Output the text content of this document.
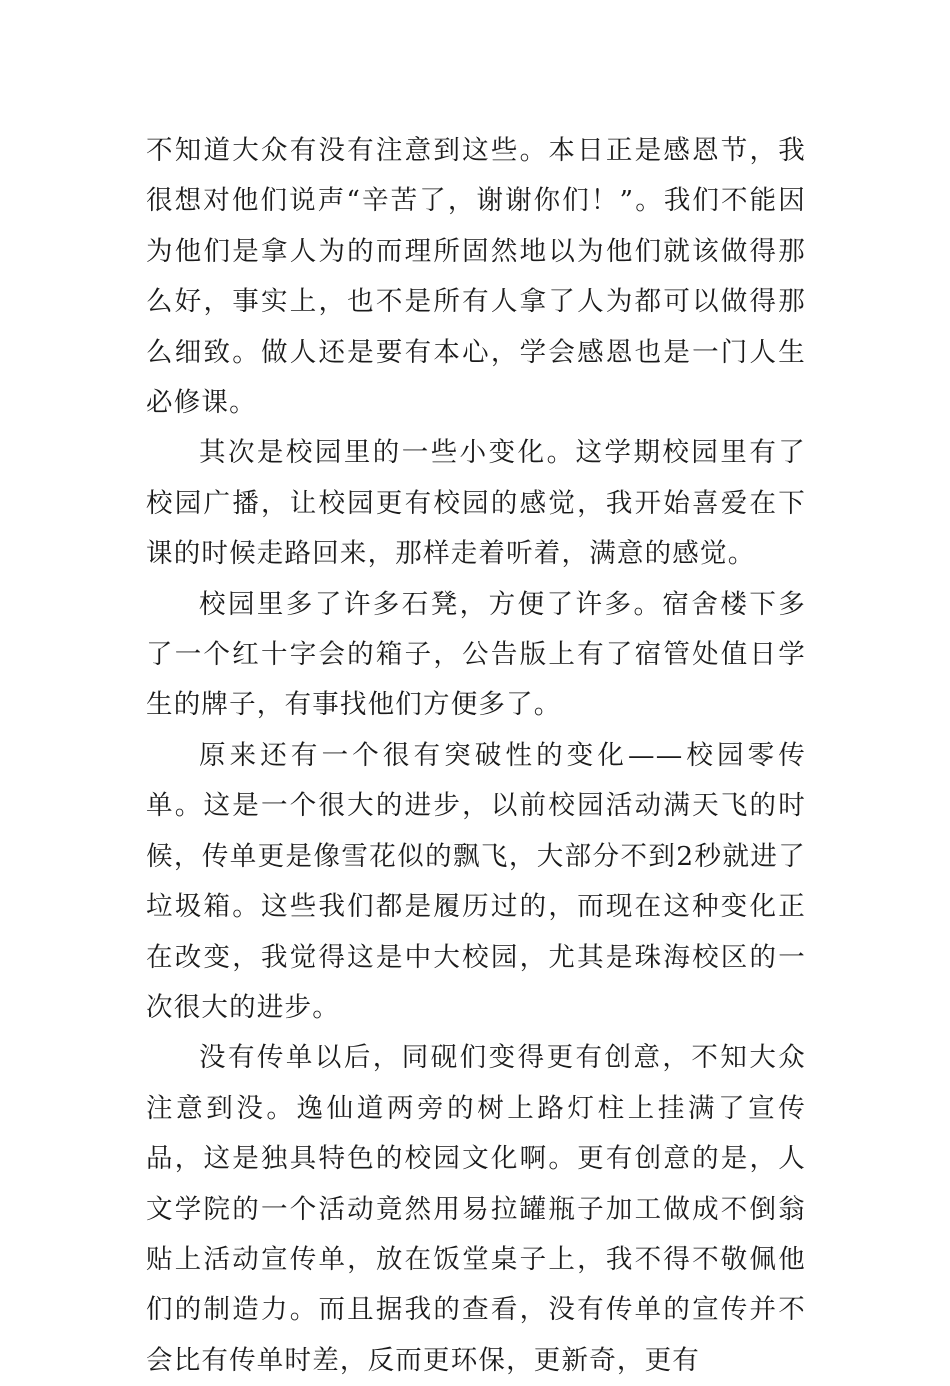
不知道大众有没有注意到这些。本日正是感恩节，我很想对他们说声“辛苦了，谢谢你们！”。我们不能因为他们是拿人为的而理所固然地以为他们就该做得那么好，事实上，也不是所有人拿了人为都可以做得那么细致。做人还是要有本心，学会感恩也是一门人生必修课。

其次是校园里的一些小变化。这学期校园里有了校园广播，让校园更有校园的感觉，我开始喜爱在下课的时候走路回来，那样走着听着，满意的感觉。

校园里多了许多石凳，方便了许多。宿舍楼下多了一个红十字会的箱子，公告版上有了宿管处值日学生的牌子，有事找他们方便多了。

原来还有一个很有突破性的变化——校园零传单。这是一个很大的进步，以前校园活动满天飞的时候，传单更是像雪花似的飘飞，大部分不到2秒就进了垃圾箱。这些我们都是履历过的，而现在这种变化正在改变，我觉得这是中大校园，尤其是珠海校区的一次很大的进步。

没有传单以后，同砚们变得更有创意，不知大众注意到没。逸仙道两旁的树上路灯柱上挂满了宣传品，这是独具特色的校园文化啊。更有创意的是，人文学院的一个活动竟然用易拉罐瓶子加工做成不倒翁贴上活动宣传单，放在饭堂桌子上，我不得不敬佩他们的制造力。而且据我的查看，没有传单的宣传并不会比有传单时差，反而更环保，更新奇，更有
